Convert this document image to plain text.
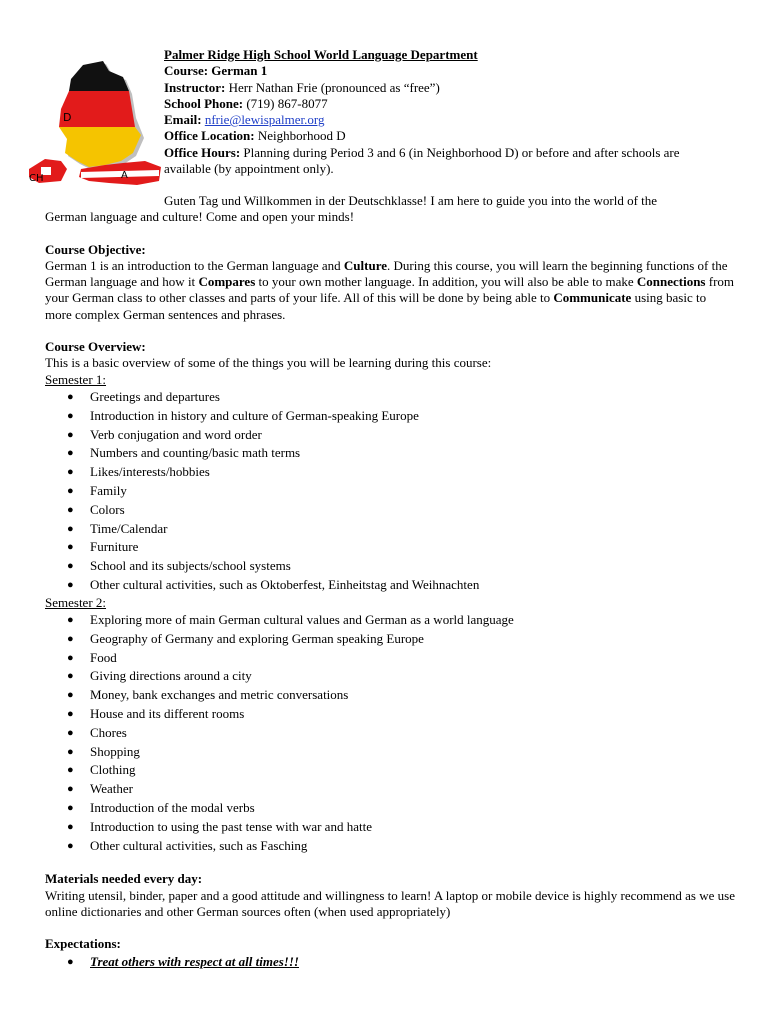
D
CH	A
Palmer Ridge High School World Language Department
Course: German 1
Instructor: Herr Nathan Frie (pronounced as “free”)
School Phone: (719) 867-8077
Email: nfrie@lewispalmer.org
Office Location: Neighborhood D
Office Hours: Planning during Period 3 and 6 (in Neighborhood D) or before and after schools are
available (by appointment only).
Guten Tag und Willkommen in der Deutschklasse! I am here to guide you into the world of the
German language and culture! Come and open your minds!
Course Objective:
German 1 is an introduction to the German language and Culture. During this course, you will learn the beginning functions of the German language and how it Compares to your own mother language. In addition, you will also be able to make Connections from your German class to other classes and parts of your life. All of this will be done by being able to Communicate using basic to more complex German sentences and phrases.
Course Overview:
This is a basic overview of some of the things you will be learning during this course:
Semester 1:
● Greetings and departures
● Introduction in history and culture of German-speaking Europe
● Verb conjugation and word order
● Numbers and counting/basic math terms
● Likes/interests/hobbies
● Family
● Colors
● Time/Calendar
● Furniture
● School and its subjects/school systems
● Other cultural activities, such as Oktoberfest, Einheitstag and Weihnachten
Semester 2:
● Exploring more of main German cultural values and German as a world language
● Geography of Germany and exploring German speaking Europe
● Food
● Giving directions around a city
● Money, bank exchanges and metric conversations
● House and its different rooms
● Chores
● Shopping
● Clothing
● Weather
● Introduction of the modal verbs
● Introduction to using the past tense with war and hatte
● Other cultural activities, such as Fasching
Materials needed every day:
Writing utensil, binder, paper and a good attitude and willingness to learn! A laptop or mobile device is highly recommend as we use online dictionaries and other German sources often (when used appropriately)
Expectations:
● Treat others with respect at all times!!!
